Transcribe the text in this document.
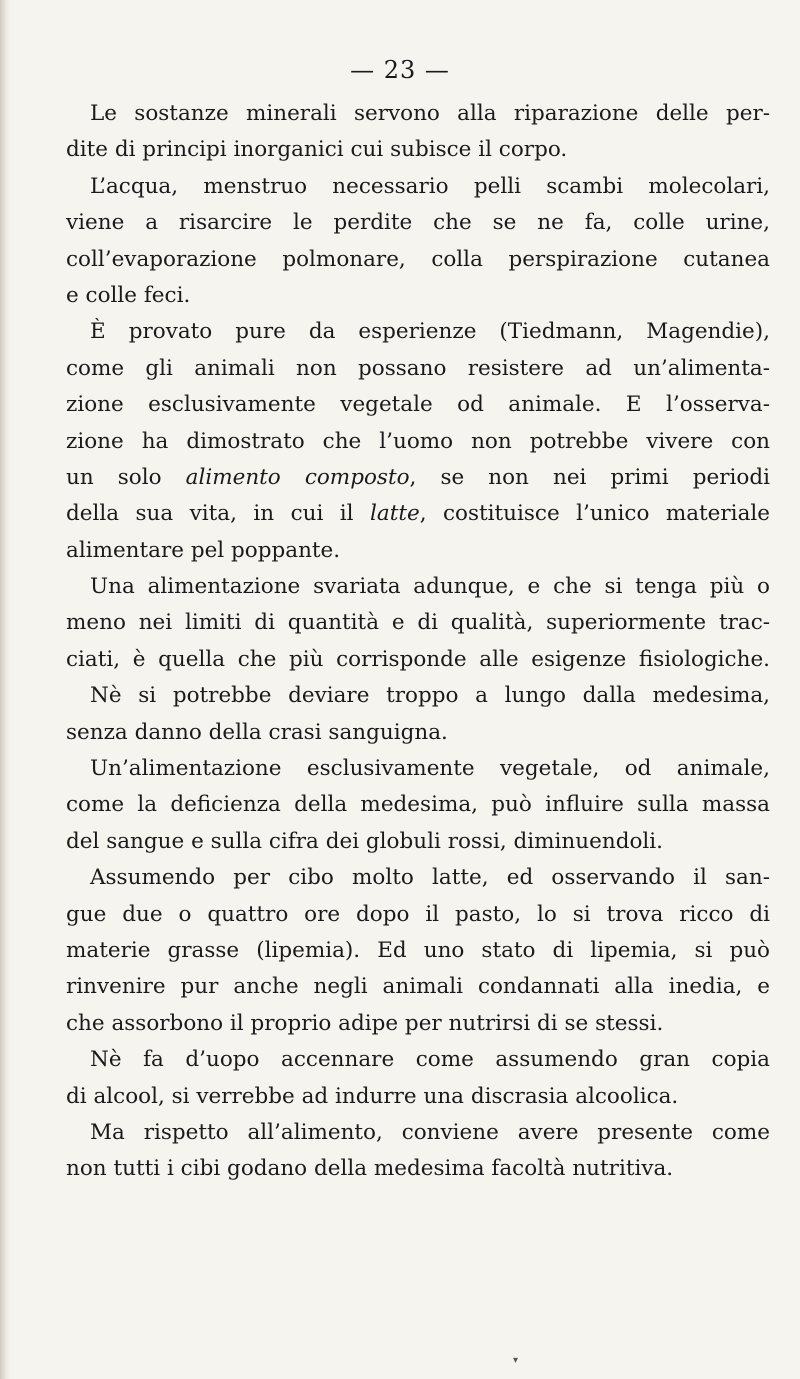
— 23 —
Le sostanze minerali servono alla riparazione delle per-
dite di principi inorganici cui subisce il corpo.
L’acqua, menstruo necessario pelli scambi molecolari,
viene a risarcire le perdite che se ne fa, colle urine,
coll’evaporazione polmonare, colla perspirazione cutanea
e colle feci.
È provato pure da esperienze (Tiedmann, Magendie),
come gli animali non possano resistere ad un’alimenta-
zione esclusivamente vegetale od animale. E l’osserva-
zione ha dimostrato che l’uomo non potrebbe vivere con
un solo alimento composto, se non nei primi periodi
della sua vita, in cui il latte, costituisce l’unico materiale
alimentare pel poppante.
Una alimentazione svariata adunque, e che si tenga più o
meno nei limiti di quantità e di qualità, superiormente trac-
ciati, è quella che più corrisponde alle esigenze fisiologiche.
Nè si potrebbe deviare troppo a lungo dalla medesima,
senza danno della crasi sanguigna.
Un’alimentazione esclusivamente vegetale, od animale,
come la deficienza della medesima, può influire sulla massa
del sangue e sulla cifra dei globuli rossi, diminuendoli.
Assumendo per cibo molto latte, ed osservando il san-
gue due o quattro ore dopo il pasto, lo si trova ricco di
materie grasse (lipemia). Ed uno stato di lipemia, si può
rinvenire pur anche negli animali condannati alla inedia, e
che assorbono il proprio adipe per nutrirsi di se stessi.
Nè fa d’uopo accennare come assumendo gran copia
di alcool, si verrebbe ad indurre una discrasia alcoolica.
Ma rispetto all’alimento, conviene avere presente come
non tutti i cibi godano della medesima facoltà nutritiva.
▾
